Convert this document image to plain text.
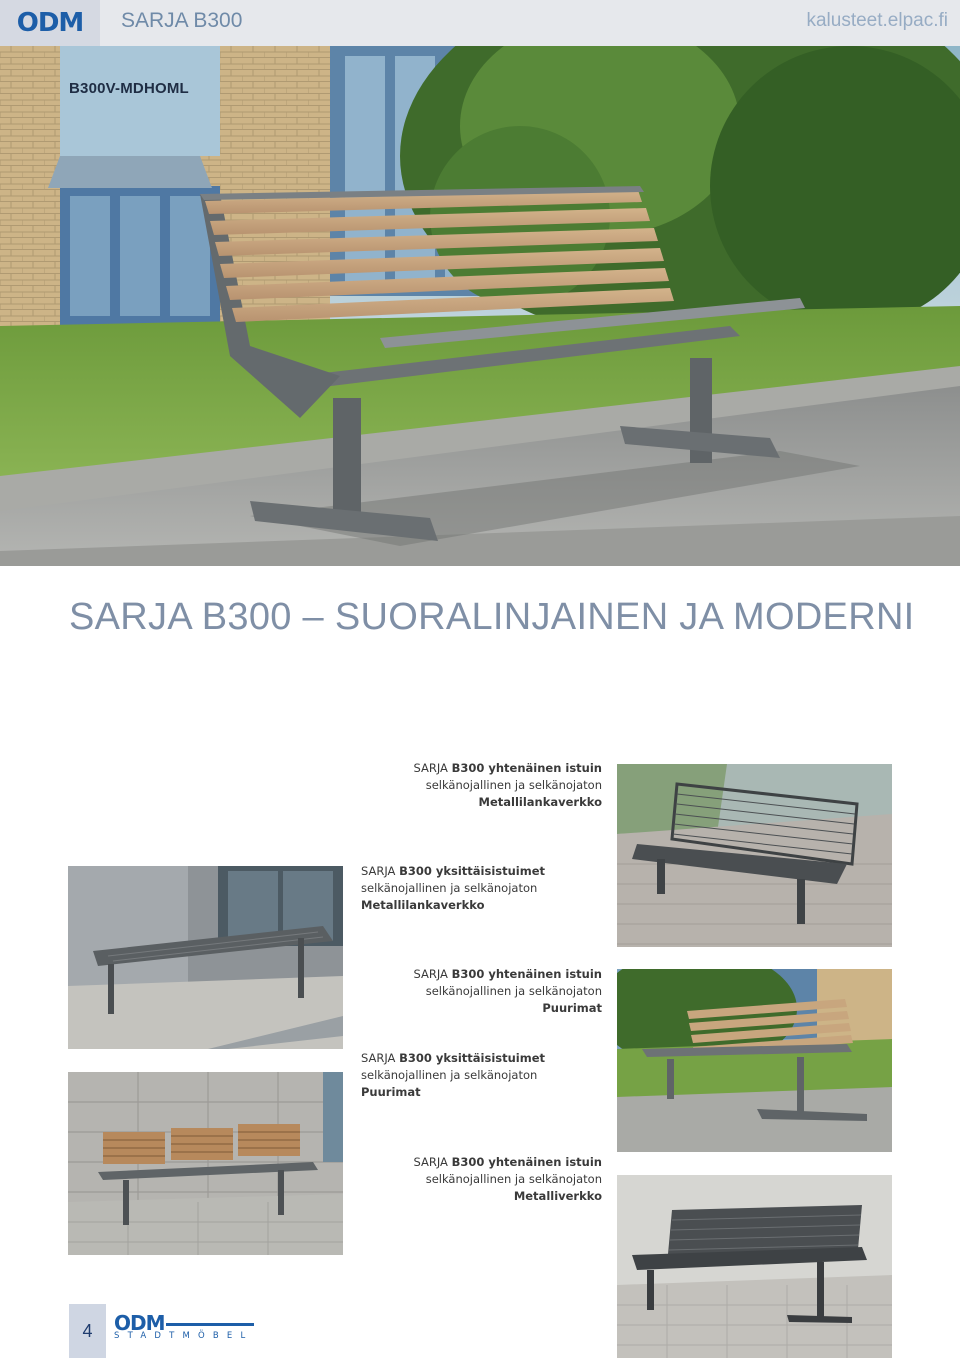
ODM SARJA B300	kalusteet.elpac.fi
B300V-MDHOML
SARJA B300 – SUORALINJAINEN JA MODERNI
SARJA B300 yhtenäinen istuin
selkänojallinen ja selkänojaton
Metallilankaverkko
SARJA B300 yksittäisistuimet
selkänojallinen ja selkänojaton
Metallilankaverkko
SARJA B300 yhtenäinen istuin
selkänojallinen ja selkänojaton
Puurimat
SARJA B300 yksittäisistuimet
selkänojallinen ja selkänojaton
Puurimat
SARJA B300 yhtenäinen istuin
selkänojallinen ja selkänojaton
Metalliverkko
4	ODM
STADTMÖBEL
